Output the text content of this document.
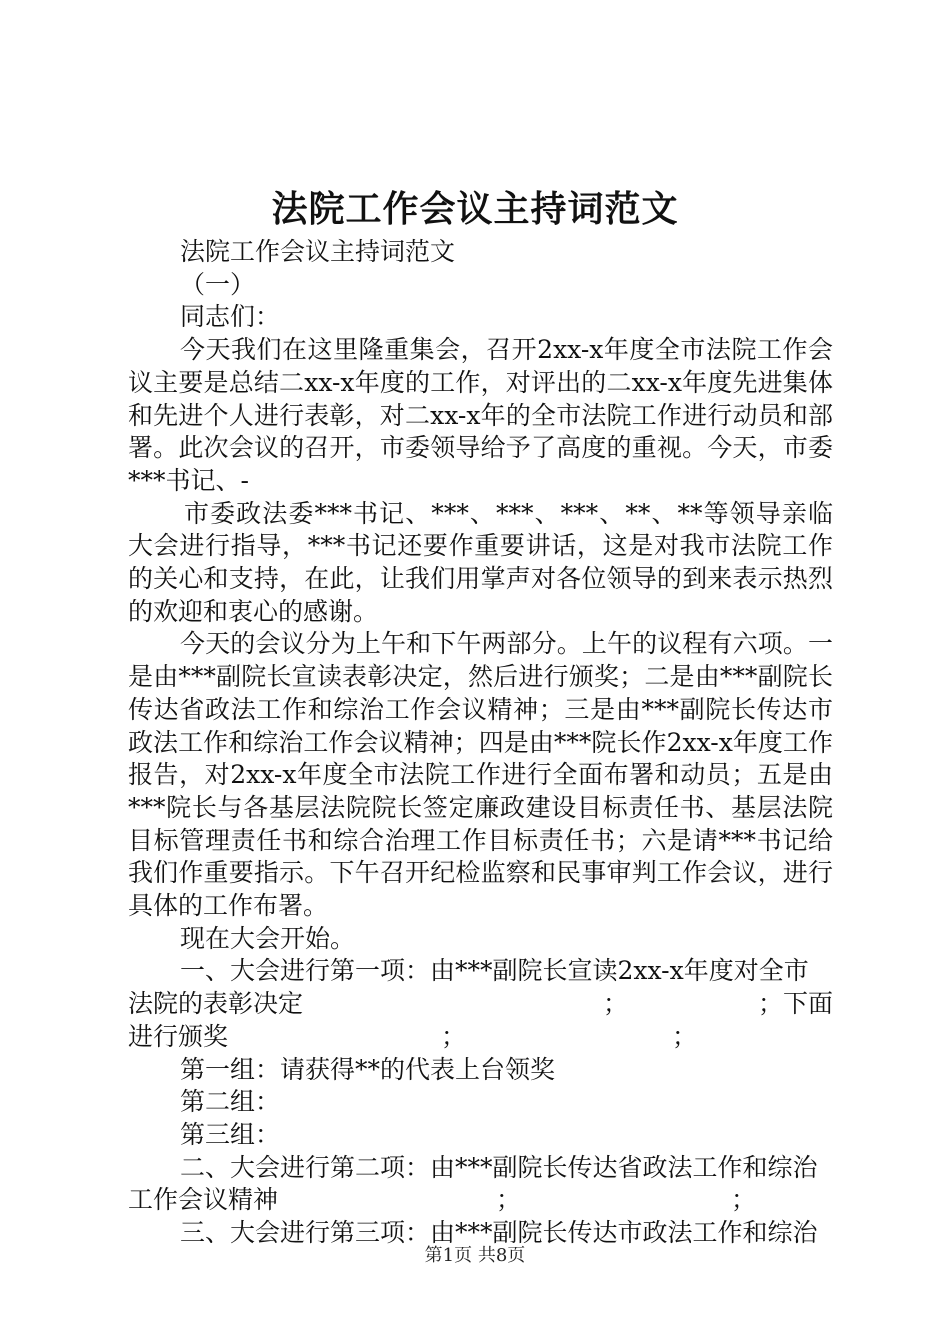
法院工作会议主持词范文

法院工作会议主持词范文

（一）

同志们：

今天我们在这里隆重集会，召开2xx-x年度全市法院工作会议主要是总结二xx-x年度的工作，对评出的二xx-x年度先进集体和先进个人进行表彰，对二xx-x年的全市法院工作进行动员和部署。此次会议的召开，市委领导给予了高度的重视。今天，市委***书记、-

市委政法委***书记、***、***、***、**、**等领导亲临大会进行指导，***书记还要作重要讲话，这是对我市法院工作的关心和支持，在此，让我们用掌声对各位领导的到来表示热烈的欢迎和衷心的感谢。

今天的会议分为上午和下午两部分。上午的议程有六项。一是由***副院长宣读表彰决定，然后进行颁奖；二是由***副院长传达省政法工作和综治工作会议精神；三是由***副院长传达市政法工作和综治工作会议精神；四是由***院长作2xx-x年度工作报告，对2xx-x年度全市法院工作进行全面布署和动员；五是由***院长与各基层法院院长签定廉政建设目标责任书、基层法院目标管理责任书和综合治理工作目标责任书；六是请***书记给我们作重要指示。下午召开纪检监察和民事审判工作会议，进行具体的工作布署。

现在大会开始。

一、大会进行第一项：由***副院长宣读2xx-x年度对全市

法院的表彰决定	；	；下面

进行颁奖	；	；

第一组：请获得**的代表上台领奖

第二组：

第三组：

二、大会进行第二项：由***副院长传达省政法工作和综治

工作会议精神	；	；

三、大会进行第三项：由***副院长传达市政法工作和综治

第1页 共8页
